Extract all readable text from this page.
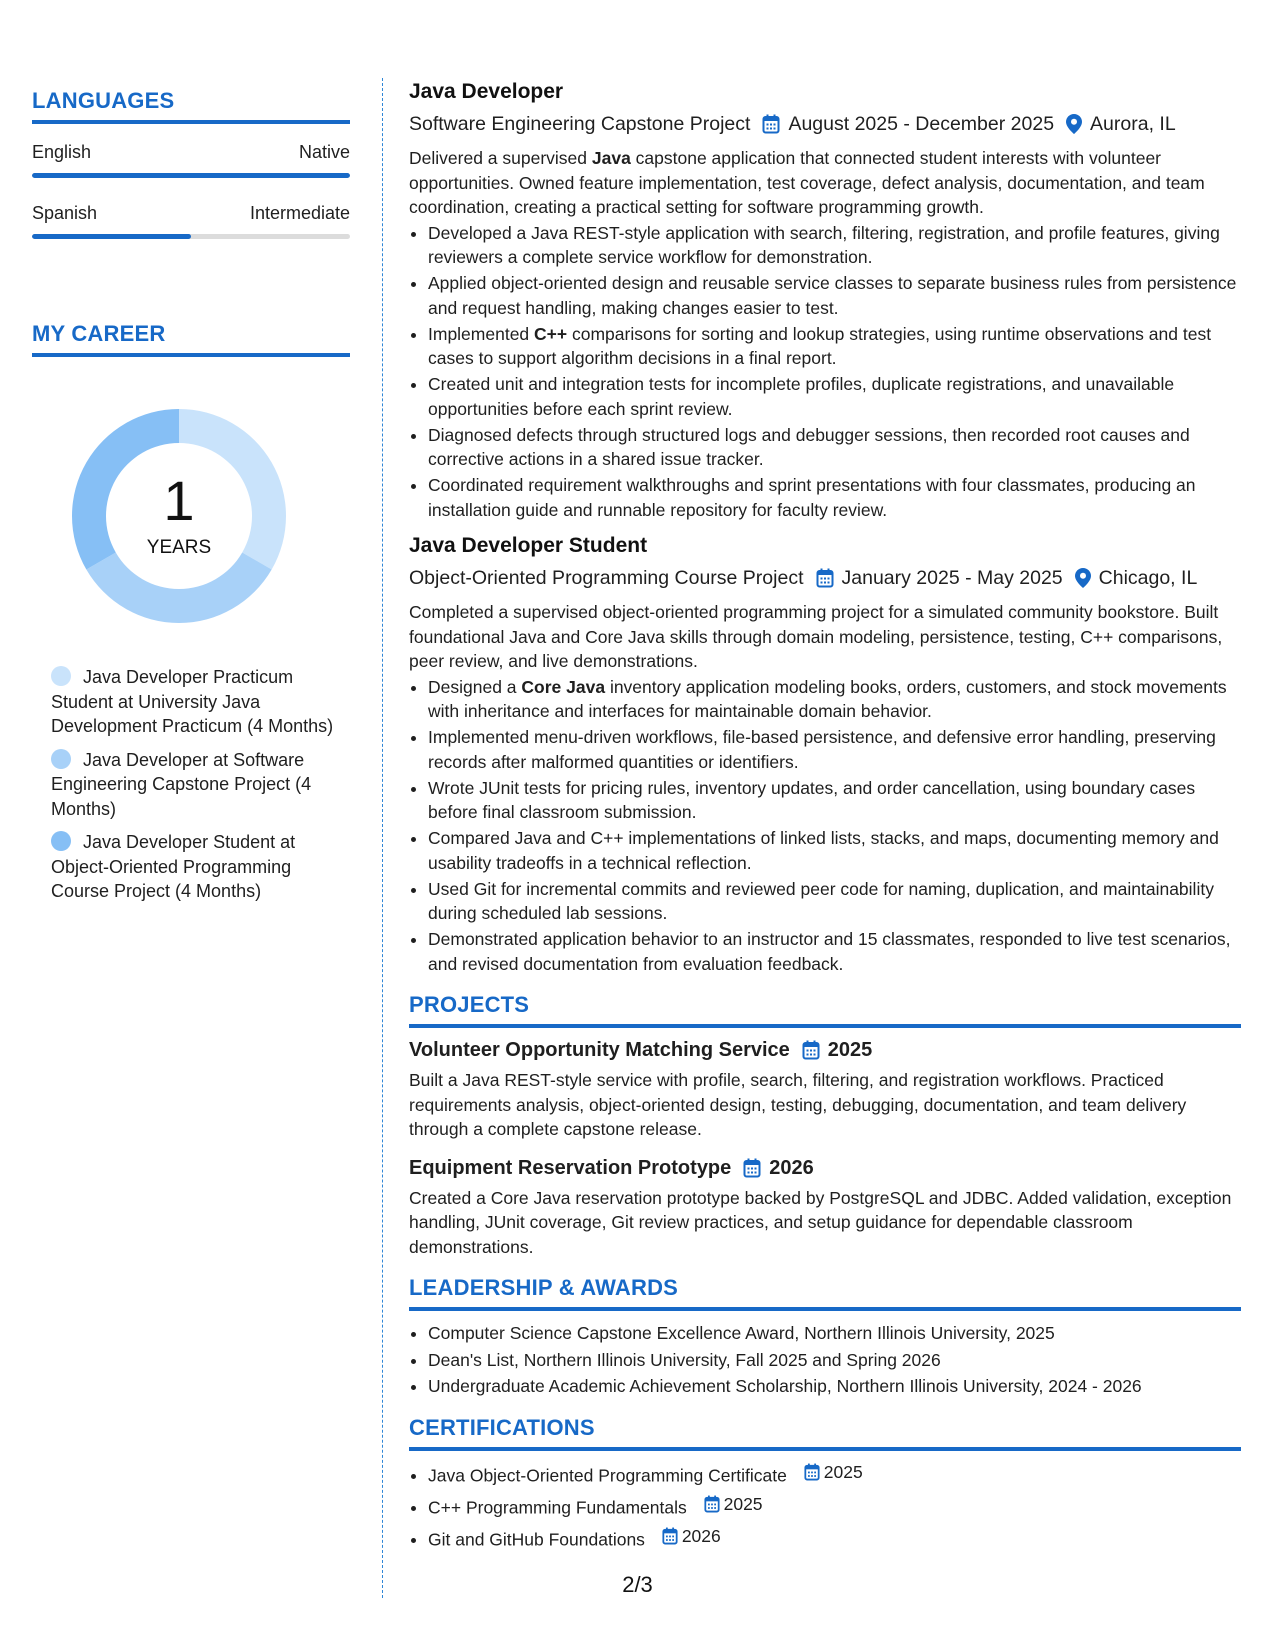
LANGUAGES
English	Native
Spanish	Intermediate
MY CAREER
1
YEARS
Java Developer Practicum Student at University Java Development Practicum (4 Months)
Java Developer at Software Engineering Capstone Project (4 Months)
Java Developer Student at Object-Oriented Programming Course Project (4 Months)
Java Developer
Software Engineering Capstone Project August 2025 - December 2025 Aurora, IL
Delivered a supervised Java capstone application that connected student interests with volunteer opportunities. Owned feature implementation, test coverage, defect analysis, documentation, and team coordination, creating a practical setting for software programming growth.
• Developed a Java REST-style application with search, filtering, registration, and profile features, giving reviewers a complete service workflow for demonstration.
• Applied object-oriented design and reusable service classes to separate business rules from persistence and request handling, making changes easier to test.
• Implemented C++ comparisons for sorting and lookup strategies, using runtime observations and test cases to support algorithm decisions in a final report.
• Created unit and integration tests for incomplete profiles, duplicate registrations, and unavailable opportunities before each sprint review.
• Diagnosed defects through structured logs and debugger sessions, then recorded root causes and corrective actions in a shared issue tracker.
• Coordinated requirement walkthroughs and sprint presentations with four classmates, producing an installation guide and runnable repository for faculty review.
Java Developer Student
Object-Oriented Programming Course Project January 2025 - May 2025 Chicago, IL
Completed a supervised object-oriented programming project for a simulated community bookstore. Built foundational Java and Core Java skills through domain modeling, persistence, testing, C++ comparisons, peer review, and live demonstrations.
• Designed a Core Java inventory application modeling books, orders, customers, and stock movements with inheritance and interfaces for maintainable domain behavior.
• Implemented menu-driven workflows, file-based persistence, and defensive error handling, preserving records after malformed quantities or identifiers.
• Wrote JUnit tests for pricing rules, inventory updates, and order cancellation, using boundary cases before final classroom submission.
• Compared Java and C++ implementations of linked lists, stacks, and maps, documenting memory and usability tradeoffs in a technical reflection.
• Used Git for incremental commits and reviewed peer code for naming, duplication, and maintainability during scheduled lab sessions.
• Demonstrated application behavior to an instructor and 15 classmates, responded to live test scenarios, and revised documentation from evaluation feedback.
PROJECTS
Volunteer Opportunity Matching Service 2025
Built a Java REST-style service with profile, search, filtering, and registration workflows. Practiced requirements analysis, object-oriented design, testing, debugging, documentation, and team delivery through a complete capstone release.
Equipment Reservation Prototype 2026
Created a Core Java reservation prototype backed by PostgreSQL and JDBC. Added validation, exception handling, JUnit coverage, Git review practices, and setup guidance for dependable classroom demonstrations.
LEADERSHIP & AWARDS
• Computer Science Capstone Excellence Award, Northern Illinois University, 2025
• Dean's List, Northern Illinois University, Fall 2025 and Spring 2026
• Undergraduate Academic Achievement Scholarship, Northern Illinois University, 2024 - 2026
CERTIFICATIONS
• Java Object-Oriented Programming Certificate 2025
• C++ Programming Fundamentals 2025
• Git and GitHub Foundations 2026
2/3
